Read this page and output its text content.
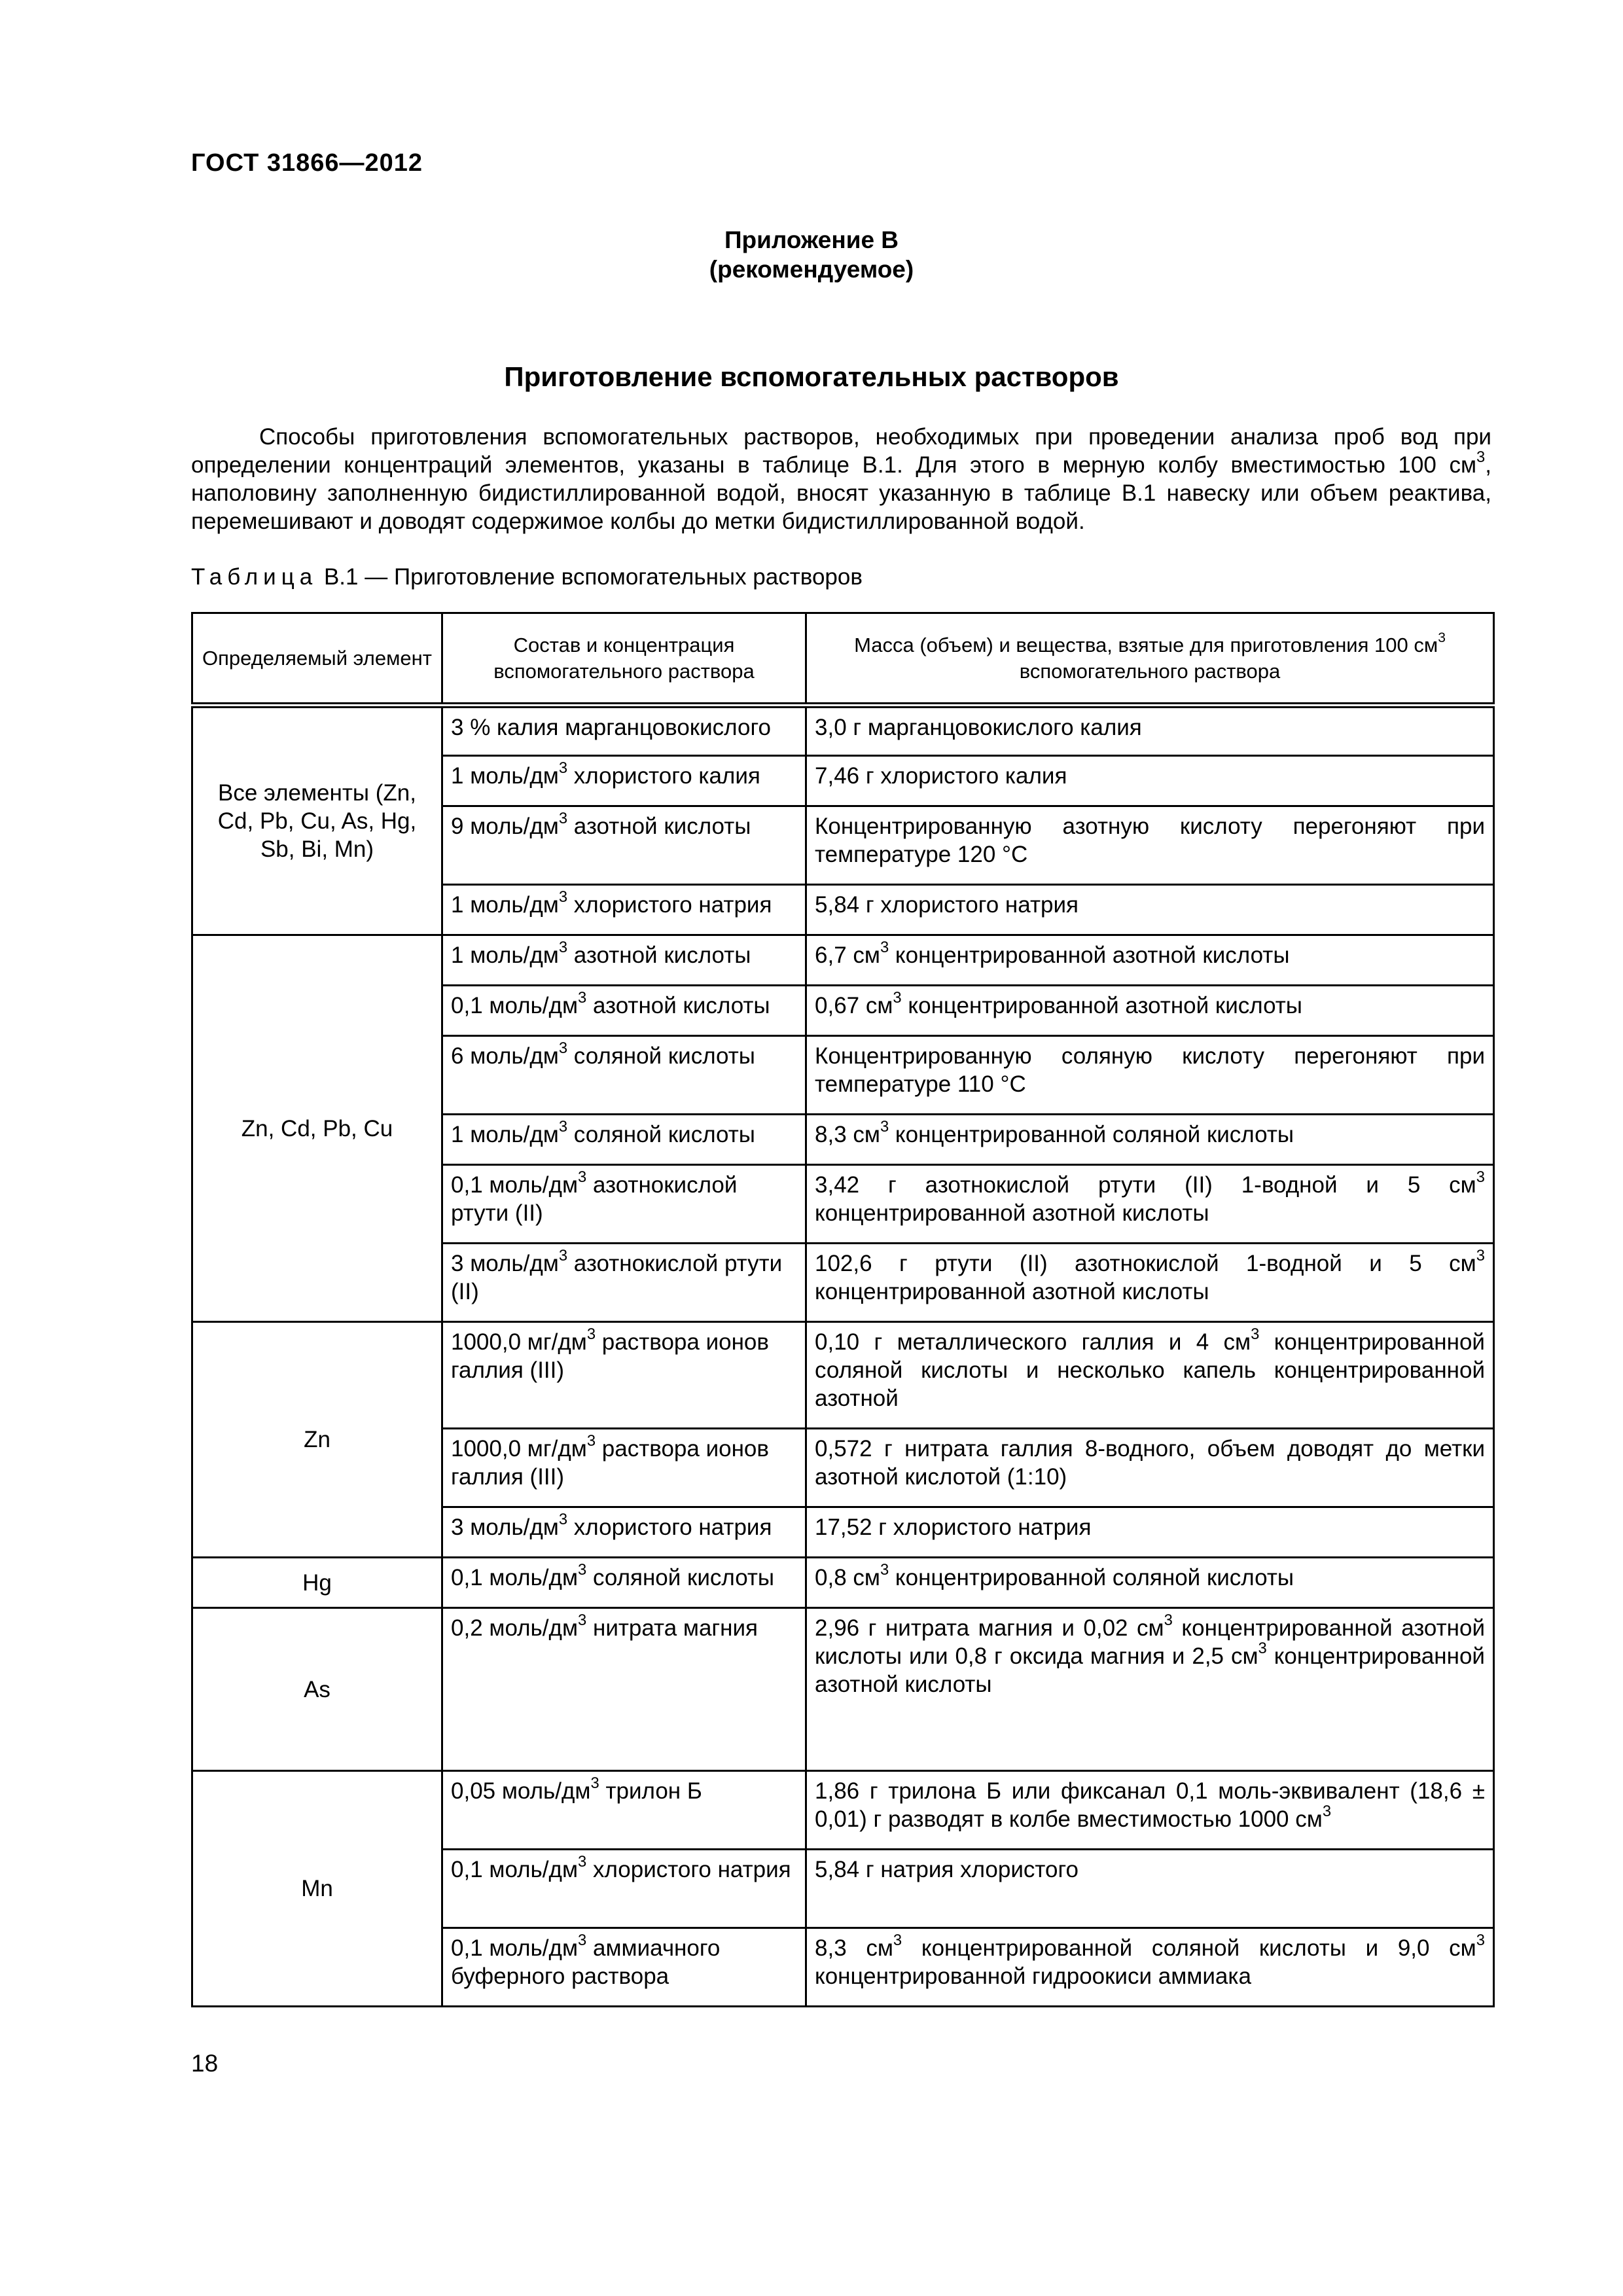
ГОСТ 31866—2012
Приложение В
(рекомендуемое)
Приготовление вспомогательных растворов
Способы приготовления вспомогательных растворов, необходимых при проведении анализа проб вод при определении концентраций элементов, указаны в таблице В.1. Для этого в мерную колбу вместимостью 100 $см^3$, наполовину заполненную бидистиллированной водой, вносят указанную в таблице В.1 навеску или объем реактива, перемешивают и доводят содержимое колбы до метки бидистиллированной водой.
Таблица В.1 — Приготовление вспомогательных растворов
Определяемый элемент	Состав и концентрация вспомогательного раствора	Масса (объем) и вещества, взятые для приготовления 100 $см^3$ вспомогательного раствора
Все элементы (Zn, Cd, Pb, Cu, As, Hg, Sb, Bi, Mn)	3 % калия марганцовокислого	3,0 г марганцовокислого калия
	1 моль/$дм^3$ хлористого калия	7,46 г хлористого калия
	9 моль/$дм^3$ азотной кислоты	Концентрированную азотную кислоту перегоняют при температуре 120 °С
	1 моль/$дм^3$ хлористого натрия	5,84 г хлористого натрия
Zn, Cd, Pb, Cu	1 моль/$дм^3$ азотной кислоты	6,7 $см^3$ концентрированной азотной кислоты
	0,1 моль/$дм^3$ азотной кислоты	0,67 $см^3$ концентрированной азотной кислоты
	6 моль/$дм^3$ соляной кислоты	Концентрированную соляную кислоту перегоняют при температуре 110 °С
	1 моль/$дм^3$ соляной кислоты	8,3 $см^3$ концентрированной соляной кислоты
	0,1 моль/$дм^3$ азотнокислой ртути (II)	3,42 г азотнокислой ртути (II) 1-водной и 5 $см^3$ концентрированной азотной кислоты
	3 моль/$дм^3$ азотнокислой ртути (II)	102,6 г ртути (II) азотнокислой 1-водной и 5 $см^3$ концентрированной азотной кислоты
Zn	1000,0 $мг/дм^3$ раствора ионов галлия (III)	0,10 г металлического галлия и 4 $см^3$ концентрированной соляной кислоты и несколько капель концентрированной азотной
	1000,0 $мг/дм^3$ раствора ионов галлия (III)	0,572 г нитрата галлия 8-водного, объем доводят до метки азотной кислотой (1:10)
	3 моль/$дм^3$ хлористого натрия	17,52 г хлористого натрия
Hg	0,1 моль/$дм^3$ соляной кислоты	0,8 $см^3$ концентрированной соляной кислоты
As	0,2 моль/$дм^3$ нитрата магния	2,96 г нитрата магния и 0,02 $см^3$ концентрированной азотной кислоты или 0,8 г оксида магния и 2,5 $см^3$ концентрированной азотной кислоты
Mn	0,05 моль/$дм^3$ трилон Б	1,86 г трилона Б или фиксанал 0,1 моль-эквивалент (18,6 ± 0,01) г разводят в колбе вместимостью 1000 $см^3$
	0,1 моль/$дм^3$ хлористого натрия	5,84 г натрия хлористого
	0,1 моль/$дм^3$ аммиачного буферного раствора	8,3 $см^3$ концентрированной соляной кислоты и 9,0 $см^3$ концентрированной гидроокиси аммиака
18
